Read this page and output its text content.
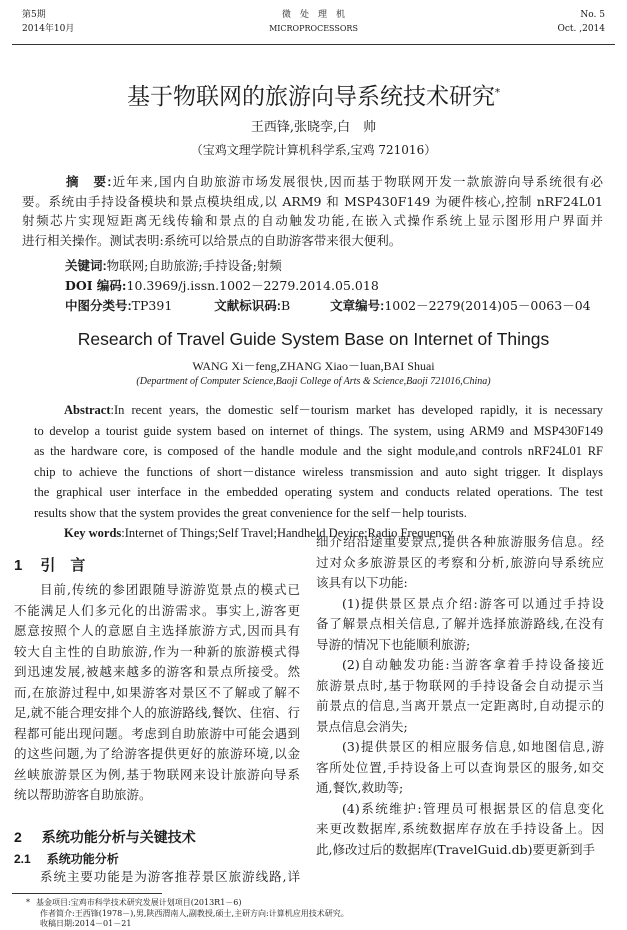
第5期
2014年10月
微　处　理　机
MICROPROCESSORS
No. 5
Oct. ,2014
基于物联网的旅游向导系统技术研究*
王西锋,张晓孪,白　帅
（宝鸡文理学院计算机科学系,宝鸡 721016）
摘　要:近年来,国内自助旅游市场发展很快,因而基于物联网开发一款旅游向导系统很有必
要。系统由手持设备模块和景点模块组成,以 ARM9 和 MSP430F149 为硬件核心,控制 nRF24L01
射频芯片实现短距离无线传输和景点的自动触发功能,在嵌入式操作系统上显示图形用户界面并
进行相关操作。测试表明:系统可以给景点的自助游客带来很大便利。
关键词:物联网;自助旅游;手持设备;射频
DOI 编码:10.3969/j.issn.1002－2279.2014.05.018
中图分类号:TP391	文献标识码:B	文章编号:1002－2279(2014)05－0063－04
Research of Travel Guide System Base on Internet of Things
WANG Xi－feng,ZHANG Xiao－luan,BAI Shuai
(Department of Computer Science,Baoji College of Arts & Science,Baoji 721016,China)
Abstract:In recent years, the domestic self－tourism market has developed rapidly, it is necessary
to develop a tourist guide system based on internet of things. The system, using ARM9 and MSP430F149
as the hardware core, is composed of the handle module and the sight module,and controls nRF24L01 RF
chip to achieve the functions of short－distance wireless transmission and auto sight trigger. It displays
the graphical user interface in the embedded operating system and conducts related operations. The test
results show that the system provides the great convenience for the self－help tourists.
Key words:Internet of Things;Self Travel;Handheld Device;Radio Frequency
1 引　言
目前,传统的参团跟随导游游览景点的模式已
不能满足人们多元化的出游需求。事实上,游客更
愿意按照个人的意愿自主选择旅游方式,因而具有
较大自主性的自助旅游,作为一种新的旅游模式得
到迅速发展,被越来越多的游客和景点所接受。然
而,在旅游过程中,如果游客对景区不了解或了解不
足,就不能合理安排个人的旅游路线,餐饮、住宿、行
程都可能出现问题。考虑到自助旅游中可能会遇到
的这些问题,为了给游客提供更好的旅游环境,以金
丝峡旅游景区为例,基于物联网来设计旅游向导系
统以帮助游客自助旅游。
2 系统功能分析与关键技术
2.1 系统功能分析
系统主要功能是为游客推荐景区旅游线路,详
* 基金项目:宝鸡市科学技术研究发展计划项目(2013R1－6)
作者简介:王西锋(1978－),男,陕西渭南人,副教授,硕士,主研方向:计算机应用技术研究。
收稿日期:2014－01－21
细介绍沿途重要景点,提供各种旅游服务信息。经
过对众多旅游景区的考察和分析,旅游向导系统应
该具有以下功能:
(1)提供景区景点介绍:游客可以通过手持设
备了解景点相关信息,了解并选择旅游路线,在没有
导游的情况下也能顺利旅游;
(2)自动触发功能:当游客拿着手持设备接近
旅游景点时,基于物联网的手持设备会自动提示当
前景点的信息,当离开景点一定距离时,自动提示的
景点信息会消失;
(3)提供景区的相应服务信息,如地图信息,游
客所处位置,手持设备上可以查询景区的服务,如交
通,餐饮,救助等;
(4)系统维护:管理员可根据景区的信息变化
来更改数据库,系统数据库存放在手持设备上。因
此,修改过后的数据库(TravelGuid.db)要更新到手
